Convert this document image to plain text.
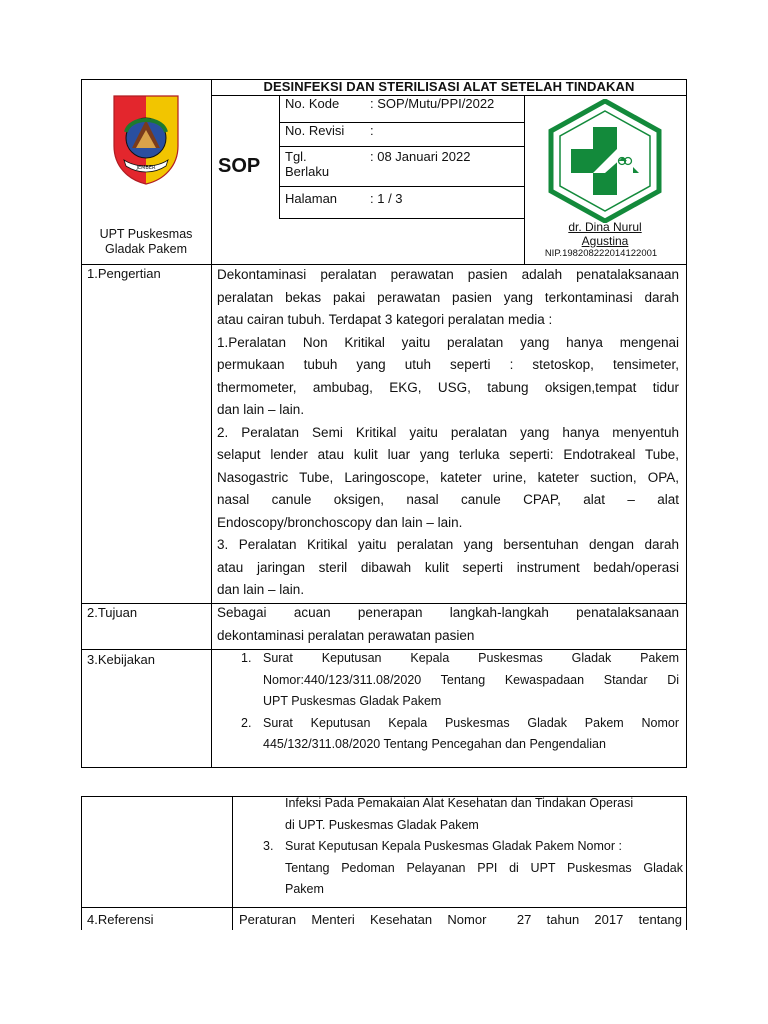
JEMBER
UPT Puskesmas
Gladak Pakem
DESINFEKSI DAN STERILISASI ALAT SETELAH TINDAKAN
SOP
No. Kode : SOP/Mutu/PPI/2022
No. Revisi :
Tgl.
Berlaku
: 08 Januari 2022
Halaman	: 1 / 3
dr. Dina Nurul
Agustina
NIP.198208222014122001
1.Pengertian	Dekontaminasi peralatan perawatan pasien adalah penatalaksanaan
peralatan bekas pakai perawatan pasien yang terkontaminasi darah
atau cairan tubuh. Terdapat 3 kategori peralatan media :
1.Peralatan Non Kritikal yaitu peralatan yang hanya mengenai
permukaan tubuh yang utuh seperti : stetoskop, tensimeter,
thermometer, ambubag, EKG, USG, tabung oksigen,tempat tidur
dan lain – lain.
2. Peralatan Semi Kritikal yaitu peralatan yang hanya menyentuh
selaput lender atau kulit luar yang terluka seperti: Endotrakeal Tube,
Nasogastric Tube, Laringoscope, kateter urine, kateter suction, OPA,
nasal canule oksigen, nasal canule CPAP, alat – alat
Endoscopy/bronchoscopy dan lain – lain.
3. Peralatan Kritikal yaitu peralatan yang bersentuhan dengan darah
atau jaringan steril dibawah kulit seperti instrument bedah/operasi
dan lain – lain.
2.Tujuan	Sebagai acuan penerapan langkah-langkah penatalaksanaan
dekontaminasi peralatan perawatan pasien
3.Kebijakan	1. Surat Keputusan Kepala Puskesmas Gladak Pakem
Nomor:440/123/311.08/2020 Tentang Kewaspadaan Standar Di
UPT Puskesmas Gladak Pakem
2. Surat Keputusan Kepala Puskesmas Gladak Pakem Nomor
445/132/311.08/2020 Tentang Pencegahan dan Pengendalian
Infeksi Pada Pemakaian Alat Kesehatan dan Tindakan Operasi
di UPT. Puskesmas Gladak Pakem
3. Surat Keputusan Kepala Puskesmas Gladak Pakem Nomor :
Tentang Pedoman Pelayanan PPI di UPT Puskesmas Gladak
Pakem
4.Referensi	Peraturan Menteri Kesehatan Nomor  27 tahun 2017 tentang
